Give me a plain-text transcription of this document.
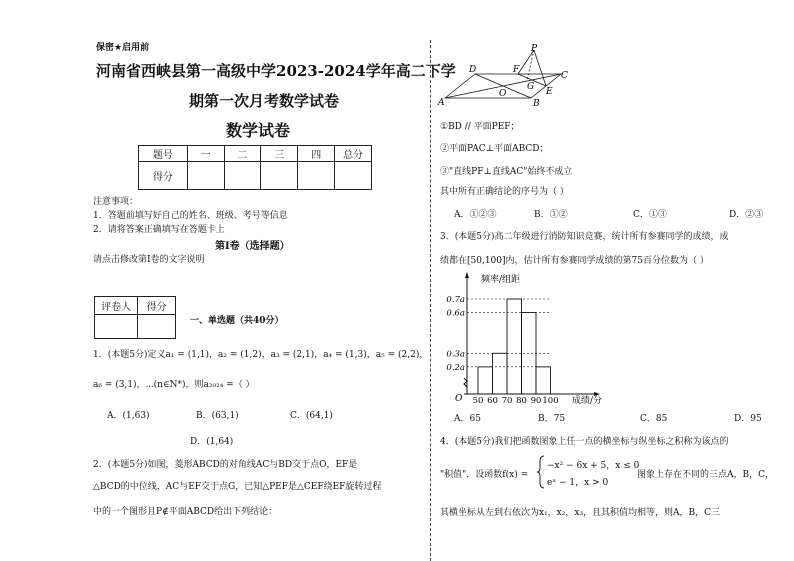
保密★启用前
河南省西峡县第一高级中学2023-2024学年高二下学
期第一次月考数学试卷
数学试卷
题号	一	二	三	四	总分
得分					
注意事项：
1．答题前填写好自己的姓名、班级、考号等信息
2．请将答案正确填写在答题卡上
第Ⅰ卷（选择题）
请点击修改第Ⅰ卷的文字说明
评卷人	得分

一、单选题（共40分）
1．(本题5分)定义a₁ = (1,1)，a₂ = (1,2)，a₃ = (2,1)，a₄ = (1,3)，a₅ = (2,2)，
a₆ = (3,1)，⋯(n∈N*)，则a₂₀₂₄ =（ ）
A．(1,63)	B．(63,1)	C．(64,1)
D．(1,64)
2．(本题5分)如图，菱形ABCD的对角线AC与BD交于点O，EF是
△BCD的中位线，AC与EF交于点G，已知△PEF是△CEF绕EF旋转过程
中的一个图形且P∉平面ABCD给出下列结论：
P
D	F
C
O
G
A
E
B
①BD // 平面PEF；
②平面PAC⊥平面ABCD；
③"直线PF⊥直线AC"始终不成立
其中所有正确结论的序号为（ ）
A．①②③	B．①②	C．①③	D．②③
3．(本题5分)高二年级进行消防知识竞赛，统计所有参赛同学的成绩，成
绩都在[50,100]内，估计所有参赛同学成绩的第75百分位数为（ ）
频率/组距
成绩/分
O
0.7a
0.6a
0.3a
0.2a
50 60 70 80 90 100
A．65	B．75	C．85	D．95
4．(本题5分)我们把函数图象上任一点的横坐标与纵坐标之积称为该点的
"积值"．设函数f(x) =
−x² − 6x + 5，x ≤ 0
eˣ − 1，x > 0
图象上存在不同的三点A，B，C，
其横坐标从左到右依次为x₁，x₂，x₃，且其积值均相等，则A，B，C三
